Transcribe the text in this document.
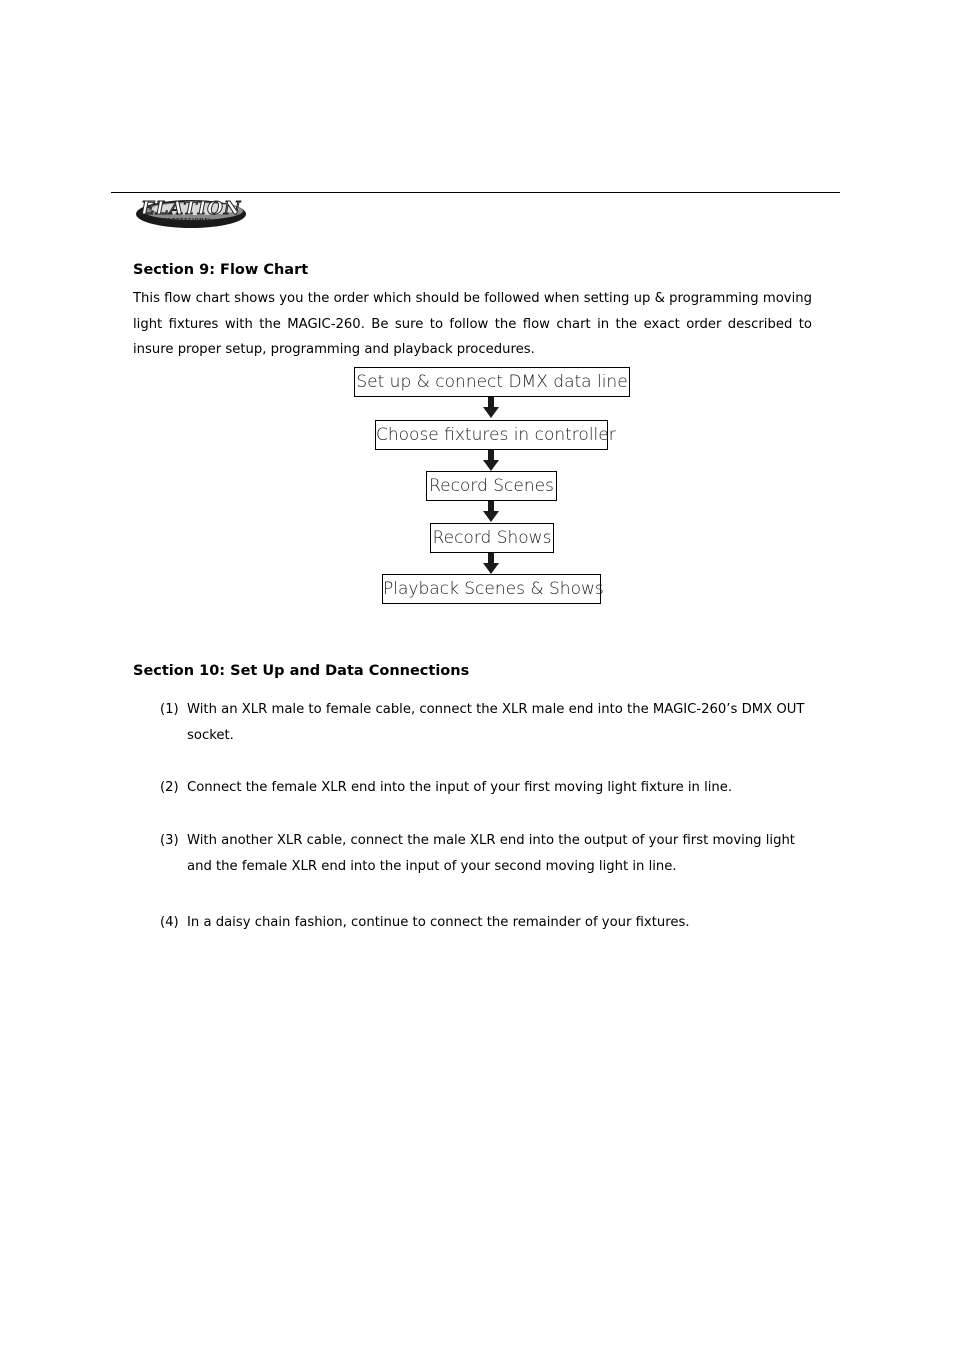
ELATION
PROFESSIONAL
Section 9: Flow Chart
This flow chart shows you the order which should be followed when setting up & programming moving light fixtures with the MAGIC-260. Be sure to follow the flow chart in the exact order described to insure proper setup, programming and playback procedures.
Set up & connect DMX data line
Choose fixtures in controller
Record Scenes
Record Shows
Playback Scenes & Shows
Section 10: Set Up and Data Connections
(1) With an XLR male to female cable, connect the XLR male end into the MAGIC-260’s DMX OUT socket.
(2) Connect the female XLR end into the input of your first moving light fixture in line.
(3) With another XLR cable, connect the male XLR end into the output of your first moving light and the female XLR end into the input of your second moving light in line.
(4) In a daisy chain fashion, continue to connect the remainder of your fixtures.
